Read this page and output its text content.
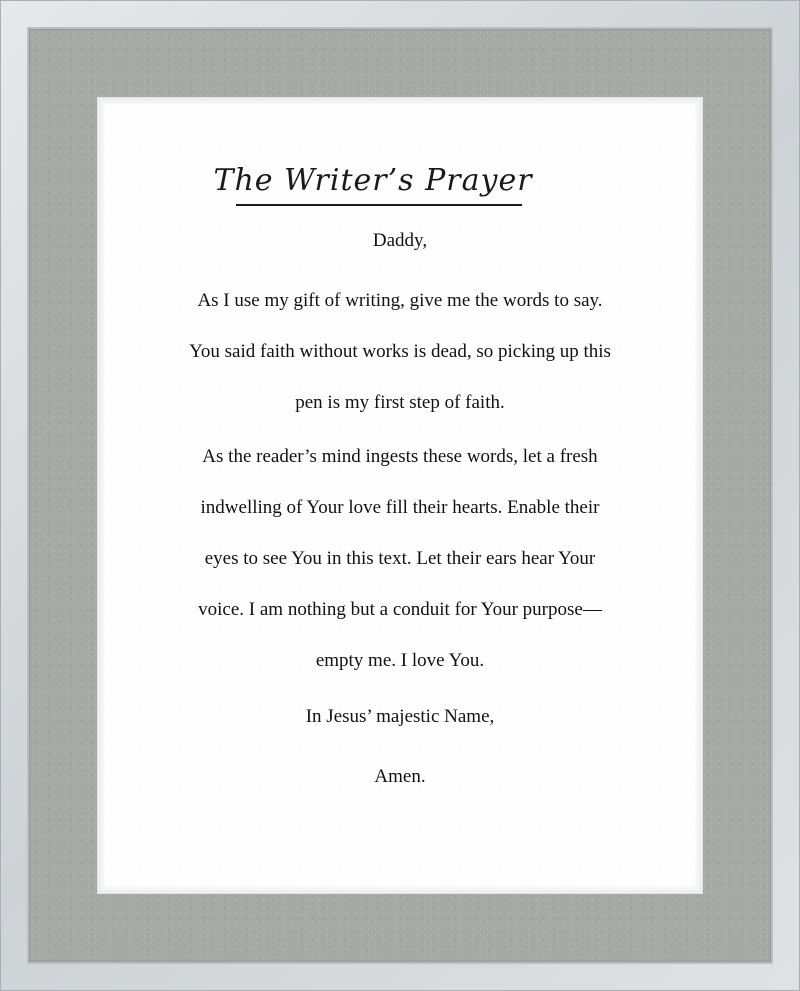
The Writer’s Prayer
Daddy,
As I use my gift of writing, give me the words to say.
You said faith without works is dead, so picking up this
pen is my first step of faith.
As the reader’s mind ingests these words, let a fresh
indwelling of Your love fill their hearts. Enable their
eyes to see You in this text. Let their ears hear Your
voice. I am nothing but a conduit for Your purpose—
empty me. I love You.
In Jesus’ majestic Name,
Amen.
